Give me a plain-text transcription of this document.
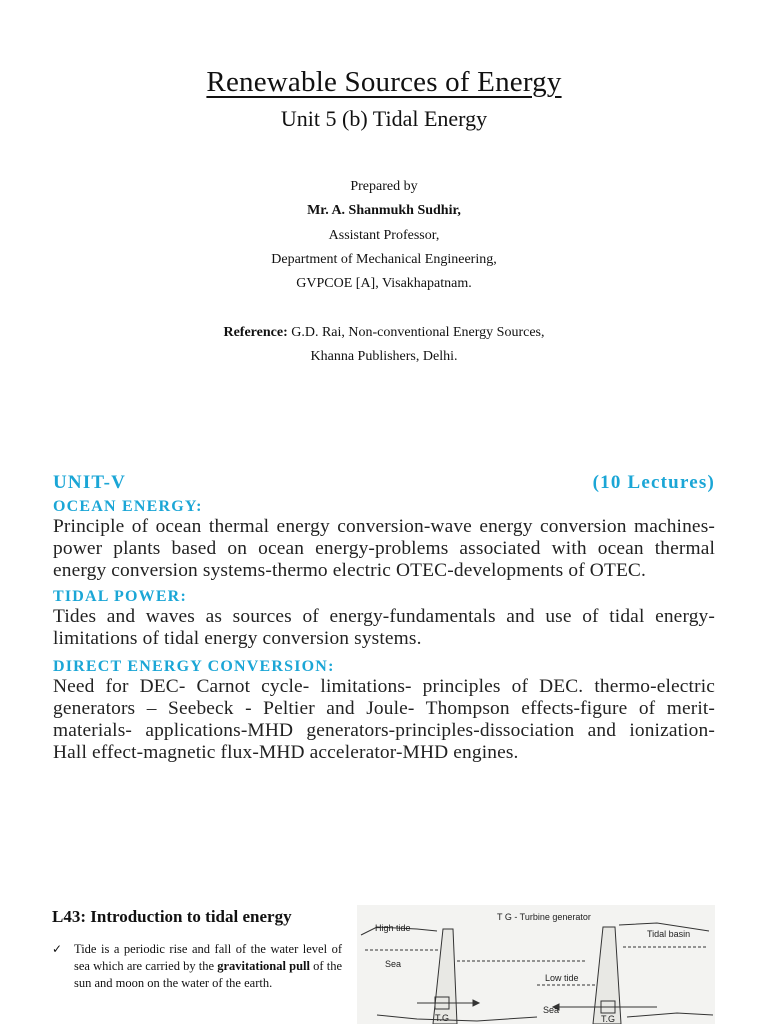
Renewable Sources of Energy
Unit 5 (b) Tidal Energy
Prepared by
Mr. A. Shanmukh Sudhir,
Assistant Professor,
Department of Mechanical Engineering,
GVPCOE [A], Visakhapatnam.
Reference: G.D. Rai, Non-conventional Energy Sources,
Khanna Publishers, Delhi.
UNIT-V	(10 Lectures)
OCEAN ENERGY:
Principle of ocean thermal energy conversion-wave energy conversion machines-power plants based on ocean energy-problems associated with ocean thermal energy conversion systems-thermo electric OTEC-developments of OTEC.
TIDAL POWER:
Tides and waves as sources of energy-fundamentals and use of tidal energy-limitations of tidal energy conversion systems.
DIRECT ENERGY CONVERSION:
Need for DEC- Carnot cycle- limitations- principles of DEC. thermo-electric generators – Seebeck - Peltier and Joule- Thompson effects-figure of merit- materials- applications-MHD generators-principles-dissociation and ionization-Hall effect-magnetic flux-MHD accelerator-MHD engines.
L43: Introduction to tidal energy
✓ Tide is a periodic rise and fall of the water level of sea which are carried by the gravitational pull of the sun and moon on the water of the earth.
High tide
T G - Turbine generator
Tidal basin
Sea
Low tide
Sea
T.G	T.G
